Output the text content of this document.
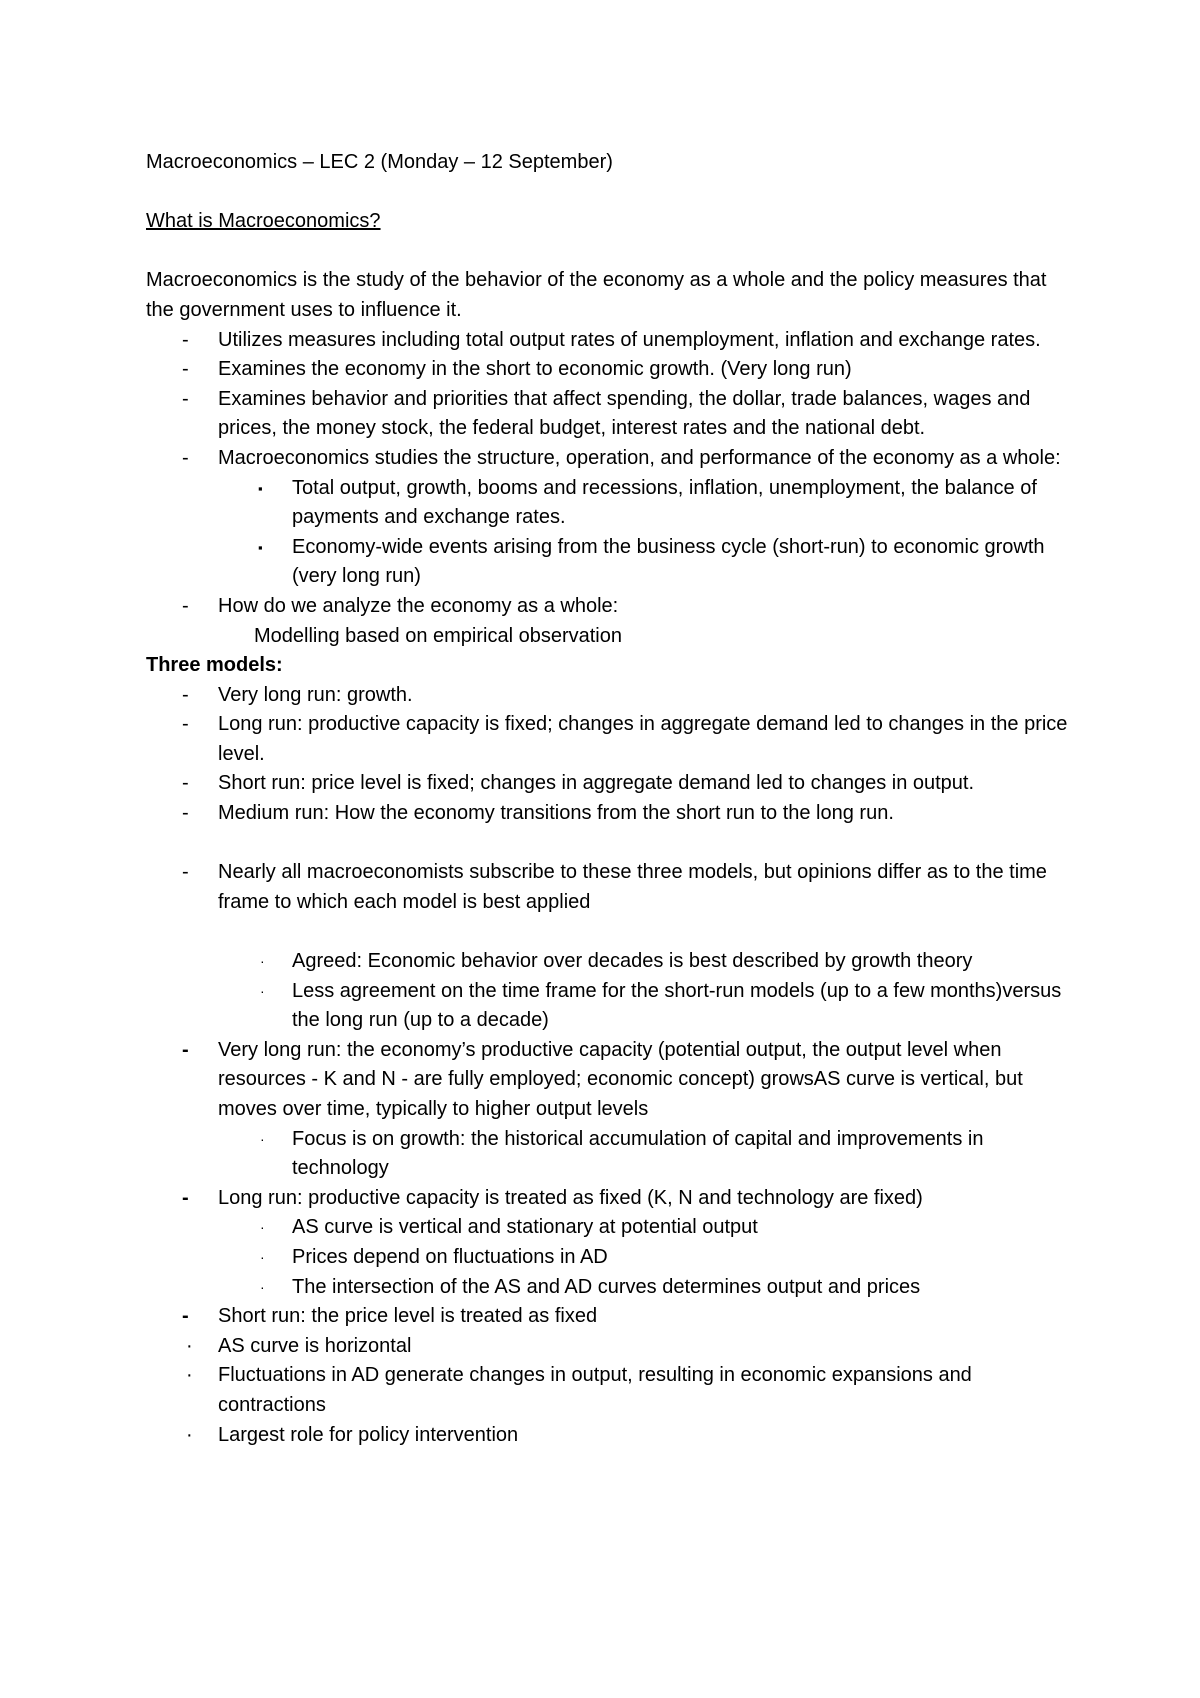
Macroeconomics – LEC 2 (Monday – 12 September)

What is Macroeconomics?

Macroeconomics is the study of the behavior of the economy as a whole and the policy measures that the government uses to influence it.

-	Utilizes measures including total output rates of unemployment, inflation and exchange rates.
-	Examines the economy in the short to economic growth. (Very long run)
-	Examines behavior and priorities that affect spending, the dollar, trade balances, wages and prices, the money stock, the federal budget, interest rates and the national debt.
-	Macroeconomics studies the structure, operation, and performance of the economy as a whole:
▪ Total output, growth, booms and recessions, inflation, unemployment, the balance of payments and exchange rates.
▪ Economy-wide events arising from the business cycle (short-run) to economic growth (very long run)
-	How do we analyze the economy as a whole:
Modelling based on empirical observation

Three models:

-	Very long run: growth.
-	Long run: productive capacity is fixed; changes in aggregate demand led to changes in the price level.
-	Short run: price level is fixed; changes in aggregate demand led to changes in output.
-	Medium run: How the economy transitions from the short run to the long run.
-	Nearly all macroeconomists subscribe to these three models, but opinions differ as to the time frame to which each model is best applied
· Agreed: Economic behavior over decades is best described by growth theory
· Less agreement on the time frame for the short-run models (up to a few months)versus the long run (up to a decade)
-	Very long run: the economy’s productive capacity (potential output, the output level when resources - K and N - are fully employed; economic concept) growsAS curve is vertical, but moves over time, typically to higher output levels
· Focus is on growth: the historical accumulation of capital and improvements in technology
-	Long run: productive capacity is treated as fixed (K, N and technology are fixed)
· AS curve is vertical and stationary at potential output
· Prices depend on fluctuations in AD
· The intersection of the AS and AD curves determines output and prices
-	Short run: the price level is treated as fixed
· AS curve is horizontal
· Fluctuations in AD generate changes in output, resulting in economic expansions and contractions
· Largest role for policy intervention
